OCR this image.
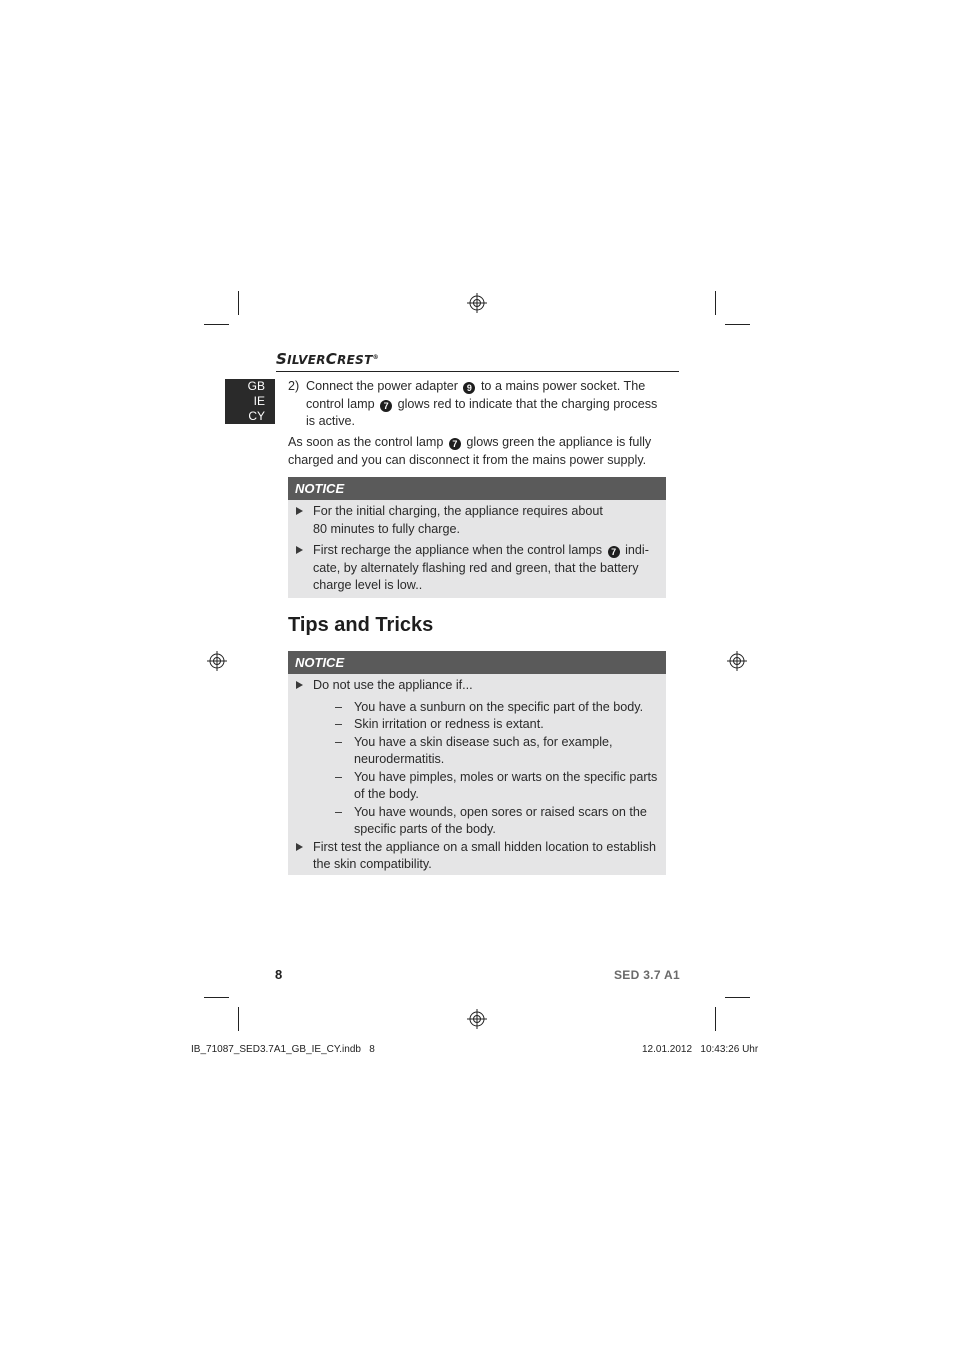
SILVERCREST®
GB
IE
CY
2) Connect the power adapter 9 to a mains power socket. The
control lamp 7 glows red to indicate that the charging process
is active.
As soon as the control lamp 7 glows green the appliance is fully
charged and you can disconnect it from the mains power supply.
NOTICE
For the initial charging, the appliance requires about
80 minutes to fully charge.
First recharge the appliance when the control lamps 7 indi-
cate, by alternately flashing red and green, that the battery
charge level is low..
Tips and Tricks
NOTICE
Do not use the appliance if...
– You have a sunburn on the specific part of the body.
– Skin irritation or redness is extant.
– You have a skin disease such as, for example,
neurodermatitis.
– You have pimples, moles or warts on the specific parts
of the body.
– You have wounds, open sores or raised scars on the
specific parts of the body.
First test the appliance on a small hidden location to establish
the skin compatibility.
8	SED 3.7 A1
IB_71087_SED3.7A1_GB_IE_CY.indb   8	12.01.2012   10:43:26 Uhr
